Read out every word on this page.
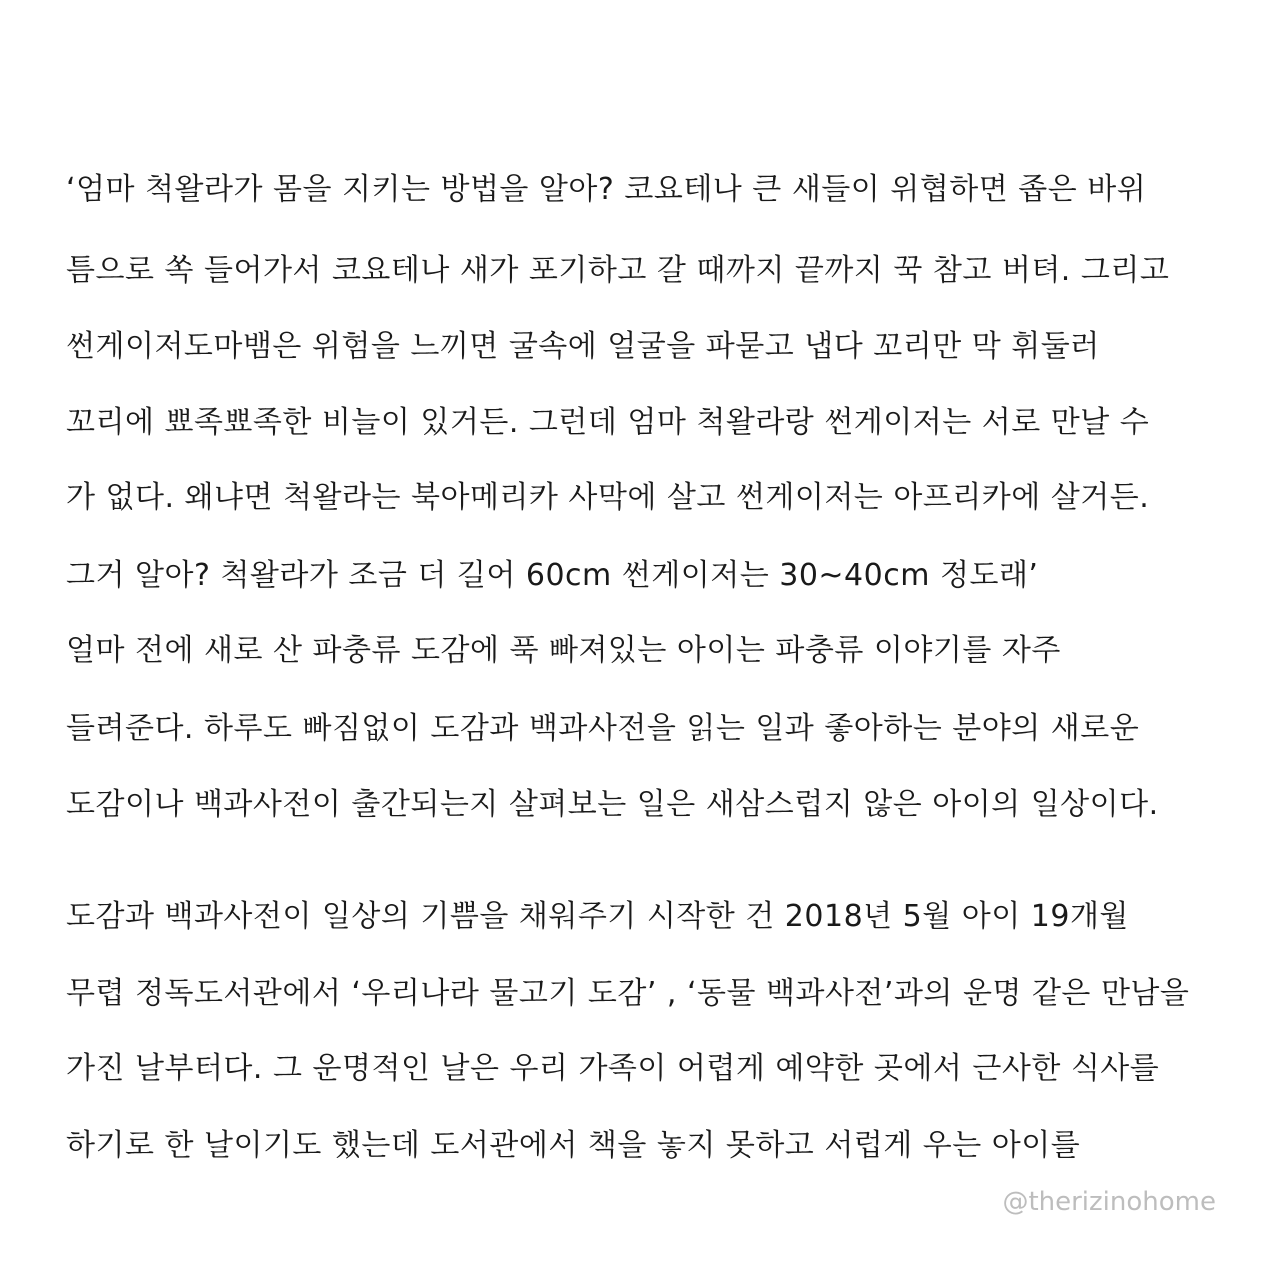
‘엄마 척왈라가 몸을 지키는 방법을 알아? 코요테나 큰 새들이 위협하면 좁은 바위
틈으로 쏙 들어가서 코요테나 새가 포기하고 갈 때까지 끝까지 꾹 참고 버텨. 그리고
썬게이저도마뱀은 위험을 느끼면 굴속에 얼굴을 파묻고 냅다 꼬리만 막 휘둘러
꼬리에 뾰족뾰족한 비늘이 있거든. 그런데 엄마 척왈라랑 썬게이저는 서로 만날 수
가 없다. 왜냐면 척왈라는 북아메리카 사막에 살고 썬게이저는 아프리카에 살거든.
그거 알아? 척왈라가 조금 더 길어 60cm 썬게이저는 30~40cm 정도래’
얼마 전에 새로 산 파충류 도감에 푹 빠져있는 아이는 파충류 이야기를 자주
들려준다. 하루도 빠짐없이 도감과 백과사전을 읽는 일과 좋아하는 분야의 새로운
도감이나 백과사전이 출간되는지 살펴보는 일은 새삼스럽지 않은 아이의 일상이다.
도감과 백과사전이 일상의 기쁨을 채워주기 시작한 건 2018년 5월 아이 19개월
무렵 정독도서관에서 ‘우리나라 물고기 도감’ , ‘동물 백과사전’과의 운명 같은 만남을
가진 날부터다. 그 운명적인 날은 우리 가족이 어렵게 예약한 곳에서 근사한 식사를
하기로 한 날이기도 했는데 도서관에서 책을 놓지 못하고 서럽게 우는 아이를
@therizinohome
